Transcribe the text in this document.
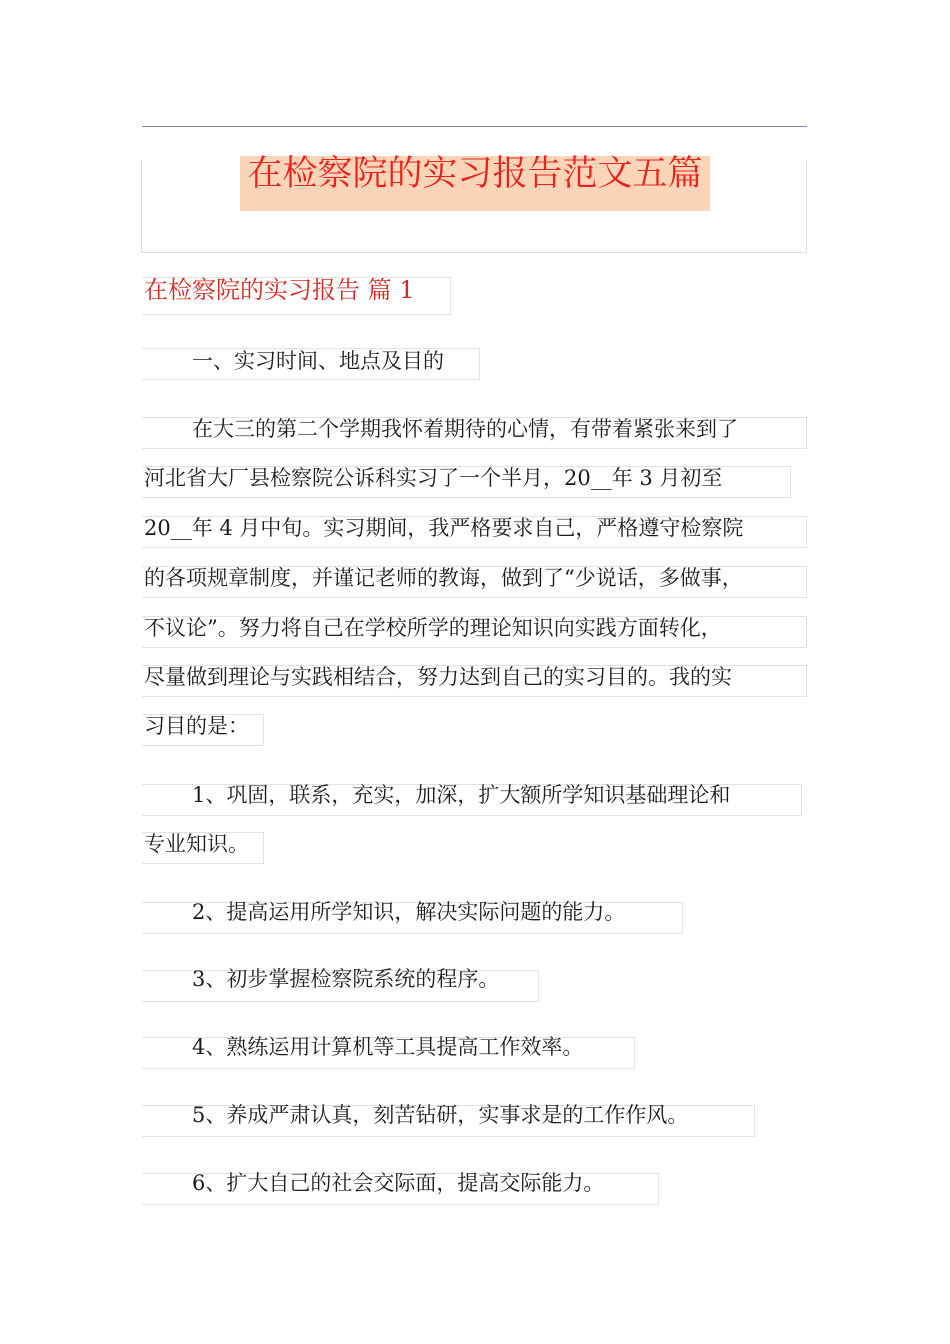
在检察院的实习报告范文五篇
在检察院的实习报告 篇 1
一、实习时间、地点及目的
在大三的第二个学期我怀着期待的心情，有带着紧张来到了
河北省大厂县检察院公诉科实习了一个半月，20__年 3 月初至
20__年 4 月中旬。实习期间，我严格要求自己，严格遵守检察院
的各项规章制度，并谨记老师的教诲，做到了“少说话，多做事，
不议论”。努力将自己在学校所学的理论知识向实践方面转化，
尽量做到理论与实践相结合，努力达到自己的实习目的。我的实
习目的是：
1、巩固，联系，充实，加深，扩大额所学知识基础理论和
专业知识。
2、提高运用所学知识，解决实际问题的能力。
3、初步掌握检察院系统的程序。
4、熟练运用计算机等工具提高工作效率。
5、养成严肃认真，刻苦钻研，实事求是的工作作风。
6、扩大自己的社会交际面，提高交际能力。
